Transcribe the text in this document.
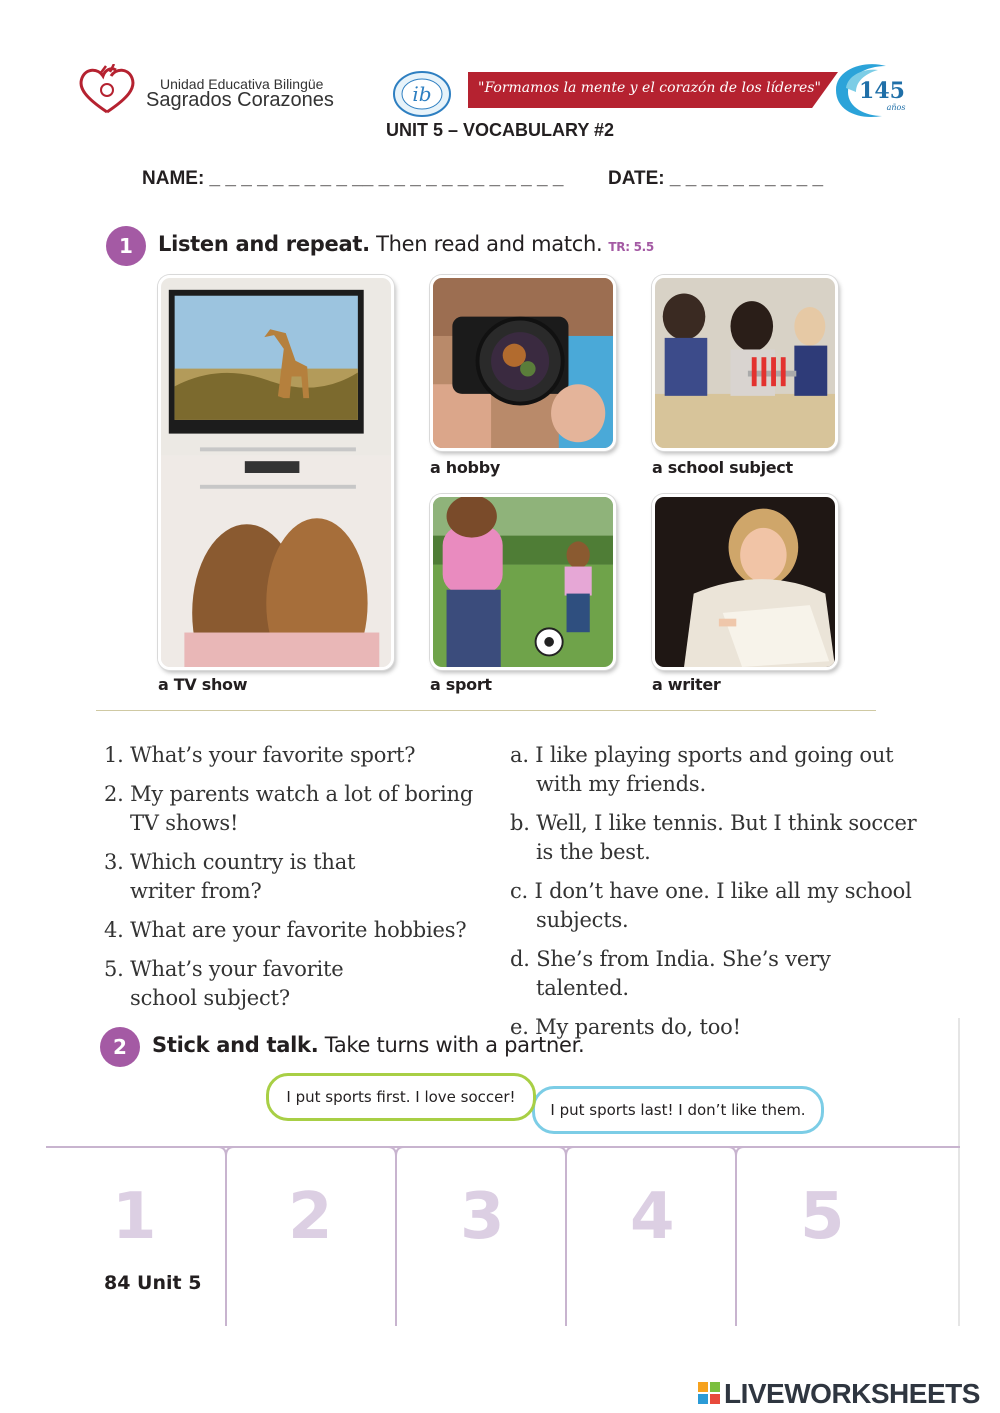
Unidad Educativa Bilingüe
Sagrados Corazones	ib	"Formamos la mente y el corazón de los líderes" 145
años
UNIT 5 – VOCABULARY #2
NAME: _ _ _ _ _ _ _ _ _ __ _ _ _ _ _ _ _ _ _ _ _ _ DATE: _ _ _ _ _ _ _ _ _ _
1	Listen and repeat. Then read and match. TR: 5.5
a TV show
a hobby	a school subject
a sport	a writer
1. What’s your favorite sport?
2. My parents watch a lot of boring TV shows!
3. Which country is that writer from?
4. What are your favorite hobbies?
5. What’s your favorite school subject?
a. I like playing sports and going out with my friends.
b. Well, I like tennis. But I think soccer is the best.
c. I don’t have one. I like all my school subjects.
d. She’s from India. She’s very talented.
e. My parents do, too!
2	Stick and talk. Take turns with a partner.
I put sports last! I don’t like them.
I put sports first. I love soccer!
1 2 3 4 5
84 Unit 5
LIVEWORKSHEETS
